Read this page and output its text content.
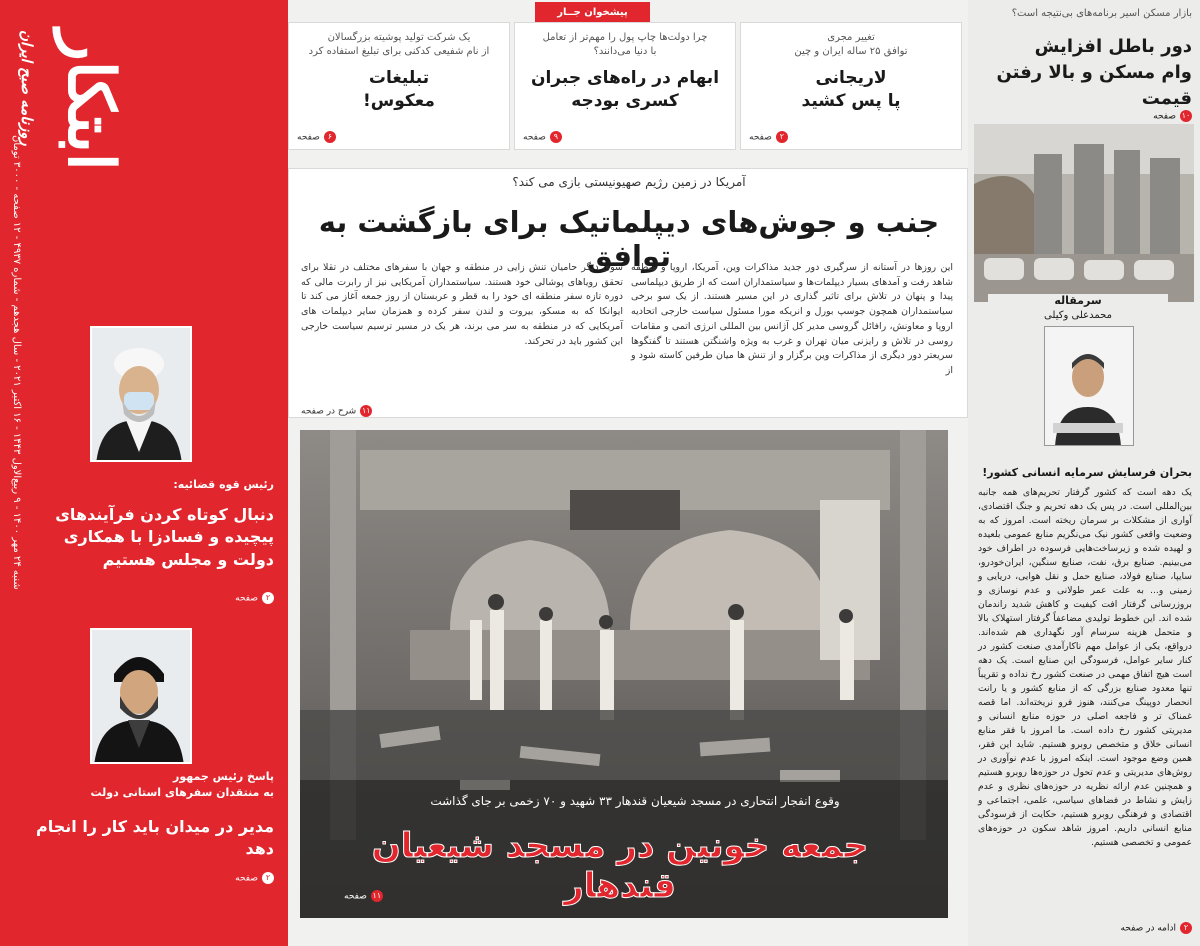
ابتکار
روزنامه صبح ایران
شنبه ۲۴ مهر ۱۴۰۰ - ۹ ربیع‌الاول ۱۴۴۳ - ۱۶ اکتبر ۲۰۲۱ - سال هجدهم - شماره ۴۹۳۷ - ۱۲ صفحه - ۳۰۰۰ تومان
رئیس قوه قضائیه:
دنبال کوتاه کردن فرآیندهای پیچیده و فسادزا با همکاری دولت و مجلس هستیم
۲صفحه
پاسخ رئیس جمهور
به منتقدان سفرهای استانی دولت
مدیر در میدان باید کار را انجام دهد
۲صفحه
پیشخوان جــار
تغییر مجری
توافق ۲۵ ساله ایران و چین
لاریجانی
پا پس کشید
۲صفحه
چرا دولت‌ها چاپ پول را مهم‌تر از تعامل
با دنیا می‌دانند؟
ابهام در راه‌های جبران
کسری بودجه
۹صفحه
یک شرکت تولید پوشیته بزرگسالان
از نام شفیعی کدکنی برای تبلیغ استفاده کرد
تبلیغات
معکوس!
۶صفحه
آمریکا در زمین رژیم صهیونیستی بازی می کند؟
جنب و جوش‌های دیپلماتیک برای بازگشت به توافق
این روزها در آستانه از سرگیری دور جدید مذاکرات وین، آمریکا، اروپا و منطقه شاهد رفت و آمدهای بسیار دیپلمات‌ها و سیاستمداران است که از طریق دیپلماسی پیدا و پنهان در تلاش برای تاثیر گذاری در این مسیر هستند. از یک سو برخی سیاستمداران همچون جوسپ بورل و انریکه مورا مسئول سیاست خارجی اتحادیه اروپا و معاونش، رافائل گروسی مدیر کل آژانس بین المللی انرژی اتمی و مقامات روسی در تلاش و رایزنی میان تهران و غرب به ویژه واشنگتن هستند تا گفتگوها سریعتر دور دیگری از مذاکرات وین برگزار و از تنش ها میان طرفین کاسته شود و از
سوی دیگر حامیان تنش زایی در منطقه و جهان با سفرهای مختلف در تقلا برای تحقق رویاهای پوشالی خود هستند. سیاستمداران آمریکایی نیز از رابرت مالی که دوره تازه سفر منطقه ای خود را به قطر و عربستان از روز جمعه آغاز می کند تا ایوانکا که به مسکو، بیروت و لندن سفر کرده و همزمان سایر دیپلمات های آمریکایی که در منطقه به سر می برند، هر یک در مسیر ترسیم سیاست خارجی این کشور باید در تحرکند.
۱۱شرح در صفحه
وقوع انفجار انتحاری در مسجد شیعیان قندهار ۳۳ شهید و ۷۰ زخمی بر جای گذاشت
جمعه خونین در مسجد شیعیان قندهار
۱۱صفحه
بازار مسکن اسیر برنامه‌های بی‌نتیجه است؟
دور باطل افزایش
وام مسکن و بالا رفتن قیمت
۱۰صفحه
سرمقاله
محمدعلی وکیلی
بحران فرسایش سرمایه انسانی کشور!
یک دهه است که کشور گرفتار تحریم‌های همه جانبه بین‌المللی است. در پس یک دهه تحریم و جنگ اقتصادی، آواری از مشکلات بر سرمان ریخته است. امروز که به وضعیت واقعی کشور نیک می‌نگریم منابع عمومی بلعیده و لهیده شده و زیرساخت‌هایی فرسوده در اطراف خود می‌بینیم. صنایع برق، نفت، صنایع سنگین، ایران‌خودرو، سایپا، صنایع فولاد، صنایع حمل و نقل هوایی، دریایی و زمینی و... به علت عمر طولانی و عدم نوسازی و بروزرسانی گرفتار افت کیفیت و کاهش شدید راندمان شده اند. این خطوط تولیدی مضاعفاً گرفتار استهلاک بالا و متحمل هزینه سرسام آور نگهداری هم شده‌اند. درواقع، یکی از عوامل مهم ناکارآمدی صنعت کشور در کنار سایر عوامل، فرسودگی این صنایع است. یک دهه است هیچ اتفاق مهمی در صنعت کشور رخ نداده و تقریباً تنها معدود صنایع بزرگی که از منابع کشور و یا رانت انحصار دوپینگ می‌کنند، هنوز فرو نریخته‌اند. اما قصه غمناک تر و فاجعه اصلی در حوزه منابع انسانی و مدیریتی کشور رخ داده است. ما امروز با فقر منابع انسانی خلاق و متخصص روبرو هستیم. شاید این فقر، همین وضع موجود است. اینکه امروز با عدم نوآوری در روش‌های مدیریتی و عدم تحول در حوزه‌ها روبرو هستیم و همچنین عدم ارائه نظریه در حوزه‌های نظری و عدم زایش و نشاط در فضاهای سیاسی، علمی، اجتماعی و اقتصادی و فرهنگی روبرو هستیم، حکایت از فرسودگی منابع انسانی داریم. امروز شاهد سکون در حوزه‌های عمومی و تخصصی هستیم.
۲ادامه در صفحه
